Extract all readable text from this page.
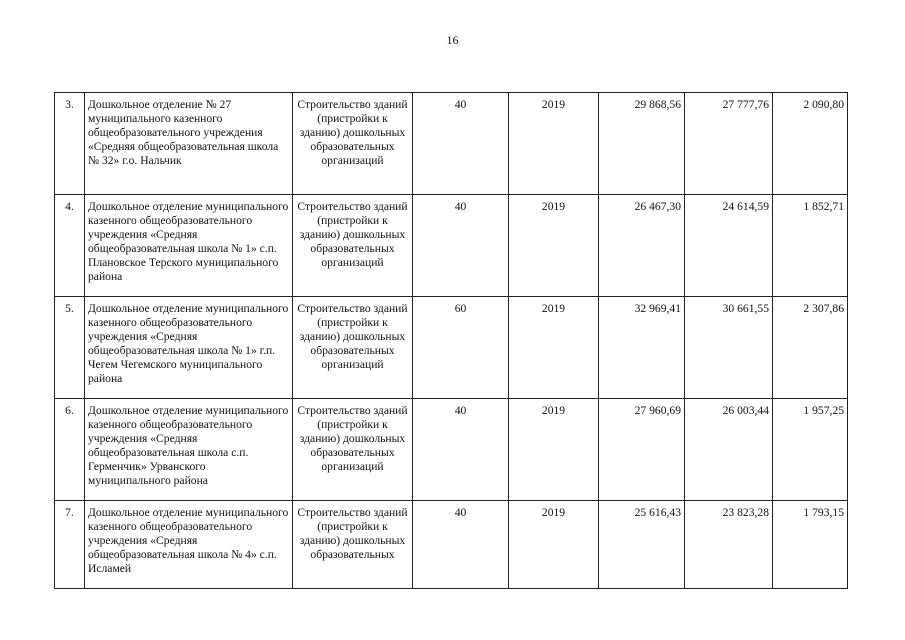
16
3.	Дошкольное отделение № 27 муниципального казенного общеобразовательного учреждения «Средняя общеобразовательная школа № 32» г.о. Нальчик	Строительство зданий (пристройки к зданию) дошкольных образовательных организаций	40	2019	29 868,56	27 777,76	2 090,80
4.	Дошкольное отделение муниципального казенного общеобразовательного учреждения «Средняя общеобразовательная школа № 1» с.п. Плановское Терского муниципального района	Строительство зданий (пристройки к зданию) дошкольных образовательных организаций	40	2019	26 467,30	24 614,59	1 852,71
5.	Дошкольное отделение муниципального казенного общеобразовательного учреждения «Средняя общеобразовательная школа № 1» г.п. Чегем Чегемского муниципального района	Строительство зданий (пристройки к зданию) дошкольных образовательных организаций	60	2019	32 969,41	30 661,55	2 307,86
6.	Дошкольное отделение муниципального казенного общеобразовательного учреждения «Средняя общеобразовательная школа с.п. Герменчик» Урванского муниципального района	Строительство зданий (пристройки к зданию) дошкольных образовательных организаций	40	2019	27 960,69	26 003,44	1 957,25
7.	Дошкольное отделение муниципального казенного общеобразовательного учреждения «Средняя общеобразовательная школа № 4» с.п. Исламей	Строительство зданий (пристройки к зданию) дошкольных образовательных	40	2019	25 616,43	23 823,28	1 793,15
